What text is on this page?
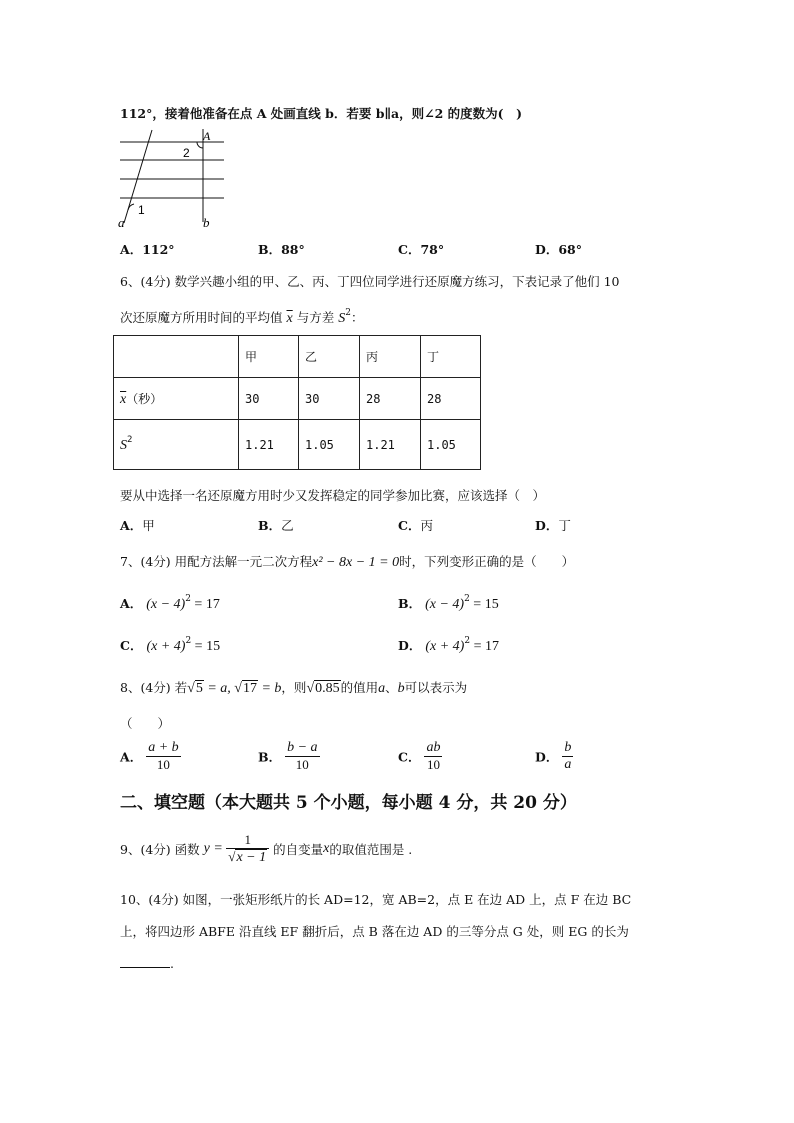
112°，接着他准备在点 A 处画直线 b．若要 b∥a，则∠2 的度数为(　)
A
2
1
a	b
A．112°	B．88°	C．78°	D．68°
6、(4分) 数学兴趣小组的甲、乙、丙、丁四位同学进行还原魔方练习，下表记录了他们 10
次还原魔方所用时间的平均值 $\overline{x}$ 与方差 $S^2$：
	甲	乙	丙	丁
$\overline{x}$（秒）	30	30	28	28
$S^2$	1.21	1.05	1.21	1.05
要从中选择一名还原魔方用时少又发挥稳定的同学参加比赛，应该选择（　）
A．甲	B．乙	C．丙	D．丁
7、(4分) 用配方法解一元二次方程x² − 8x − 1 = 0时，下列变形正确的是（　　）
A． $(x - 4)^2 = 17$	B． $(x - 4)^2 = 15$
C． $(x + 4)^2 = 15$	D． $(x + 4)^2 = 17$
8、(4分) 若√5 = a, √17 = b，则√0.85的值用a、b可以表示为
（　　）
A． $\frac{a + b}{10}$	B． $\frac{b - a}{10}$	C． $\frac{ab}{10}$	D． $\frac{b}{a}$
二、填空题（本大题共 5 个小题，每小题 4 分，共 20 分）
9、(4分) 函数 $y = \frac{1}{√x - 1}$ 的自变量x的取值范围是 .
10、(4分) 如图，一张矩形纸片的长 AD=12，宽 AB=2，点 E 在边 AD 上，点 F 在边 BC
上，将四边形 ABFE 沿直线 EF 翻折后，点 B 落在边 AD 的三等分点 G 处，则 EG 的长为
.
